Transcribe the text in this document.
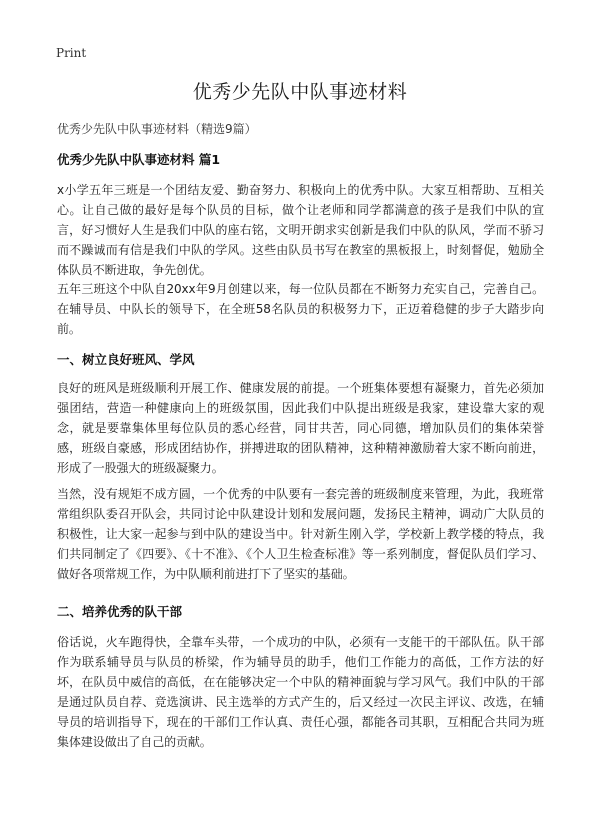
Print
优秀少先队中队事迹材料
优秀少先队中队事迹材料（精选9篇）
优秀少先队中队事迹材料 篇1

x小学五年三班是一个团结友爱、勤奋努力、积极向上的优秀中队。大家互相帮助、互相关心。让自己做的最好是每个队员的目标，做个让老师和同学都满意的孩子是我们中队的宣言，好习惯好人生是我们中队的座右铭，文明开朗求实创新是我们中队的队风，学而不骄习而不躁诚而有信是我们中队的学风。这些由队员书写在教室的黑板报上，时刻督促，勉励全体队员不断进取，争先创优。

五年三班这个中队自20xx年9月创建以来，每一位队员都在不断努力充实自己，完善自己。在辅导员、中队长的领导下，在全班58名队员的积极努力下，正迈着稳健的步子大踏步向前。

一、树立良好班风、学风

良好的班风是班级顺利开展工作、健康发展的前提。一个班集体要想有凝聚力，首先必须加强团结，营造一种健康向上的班级氛围，因此我们中队提出班级是我家，建设靠大家的观念，就是要靠集体里每位队员的悉心经营，同甘共苦，同心同德，增加队员们的集体荣誉感，班级自豪感，形成团结协作，拼搏进取的团队精神，这种精神激励着大家不断向前进，形成了一股强大的班级凝聚力。

当然，没有规矩不成方圆，一个优秀的中队要有一套完善的班级制度来管理，为此，我班常常组织队委召开队会，共同讨论中队建设计划和发展问题，发扬民主精神，调动广大队员的积极性，让大家一起参与到中队的建设当中。针对新生刚入学，学校新上教学楼的特点，我们共同制定了《四要》、《十不准》、《个人卫生检查标准》等一系列制度，督促队员们学习、做好各项常规工作，为中队顺利前进打下了坚实的基础。

二、培养优秀的队干部

俗话说，火车跑得快，全靠车头带，一个成功的中队，必须有一支能干的干部队伍。队干部作为联系辅导员与队员的桥梁，作为辅导员的助手，他们工作能力的高低，工作方法的好坏，在队员中威信的高低，在在能够决定一个中队的精神面貌与学习风气。我们中队的干部是通过队员自荐、竞选演讲、民主选举的方式产生的，后又经过一次民主评议、改选，在辅导员的培训指导下，现在的干部们工作认真、责任心强，都能各司其职，互相配合共同为班集体建设做出了自己的贡献。
